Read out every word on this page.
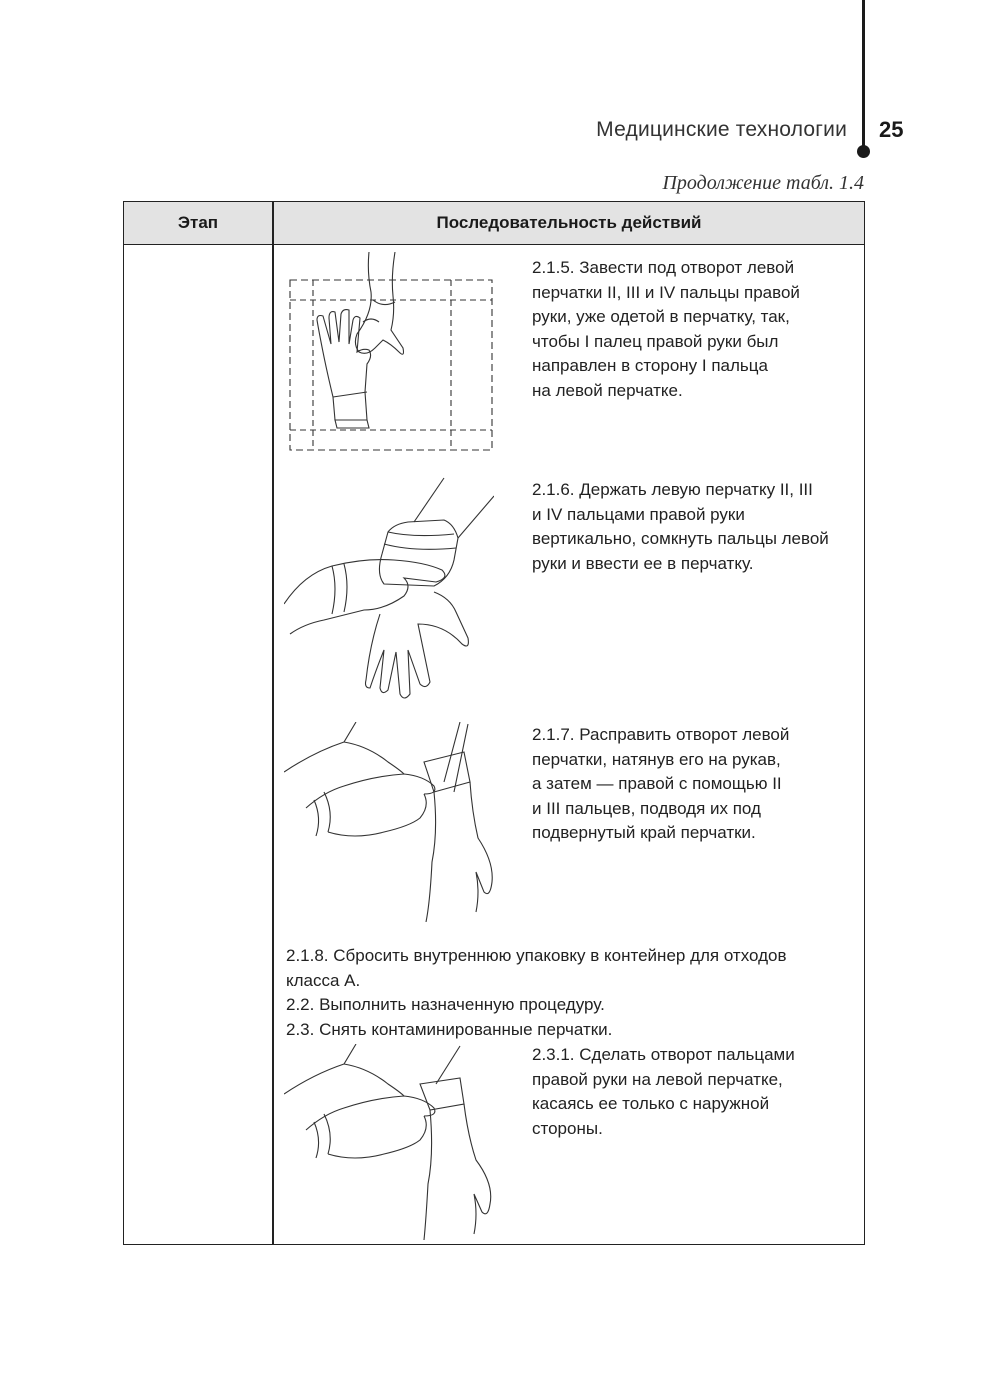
Медицинские технологии 25
Продолжение табл. 1.4
Этап	Последовательность действий
2.1.5. Завести под отворот левой
перчатки II, III и IV пальцы правой
руки, уже одетой в перчатку, так,
чтобы I палец правой руки был
направлен в сторону I пальца
на левой перчатке.
2.1.6. Держать левую перчатку II, III
и IV пальцами правой руки
вертикально, сомкнуть пальцы левой
руки и ввести ее в перчатку.
2.1.7. Расправить отворот левой
перчатки, натянув его на рукав,
а затем — правой с помощью II
и III пальцев, подводя их под
подвернутый край перчатки.
2.1.8. Сбросить внутреннюю упаковку в контейнер для отходов
класса А.
2.2. Выполнить назначенную процедуру.
2.3. Снять контаминированные перчатки.
2.3.1. Сделать отворот пальцами
правой руки на левой перчатке,
касаясь ее только с наружной
стороны.
